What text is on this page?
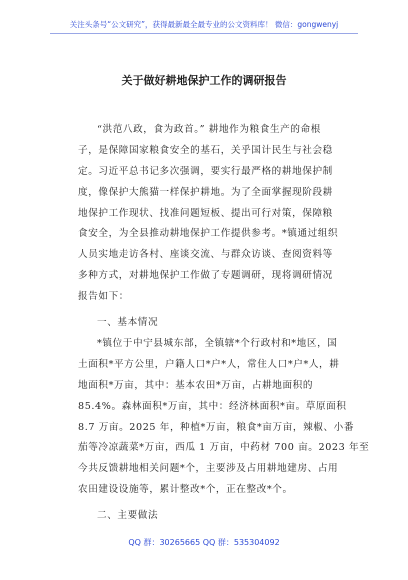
关注头条号“公文研究”，获得最新最全最专业的公文资料库！ 微信：gongwenyj
关于做好耕地保护工作的调研报告
“洪范八政，食为政首。” 耕地作为粮食生产的命根
子，是保障国家粮食安全的基石，关乎国计民生与社会稳
定。习近平总书记多次强调，要实行最严格的耕地保护制
度，像保护大熊猫一样保护耕地。为了全面掌握现阶段耕
地保护工作现状、找准问题短板、提出可行对策，保障粮
食安全，为全县推动耕地保护工作提供参考。*镇通过组织
人员实地走访各村、座谈交流、与群众访谈、查阅资料等
多种方式，对耕地保护工作做了专题调研，现将调研情况
报告如下：
一、基本情况
*镇位于中宁县城东部，全镇辖*个行政村和*地区，国
土面积*平方公里，户籍人口*户*人，常住人口*户*人，耕
地面积*万亩，其中：基本农田*万亩，占耕地面积的
85.4%。森林面积*万亩，其中：经济林面积*亩。草原面积
8.7 万亩。2025 年，种植*万亩，粮食*亩万亩，辣椒、小番
茄等冷凉蔬菜*万亩，西瓜 1 万亩，中药材 700 亩。2023 年至
今共反馈耕地相关问题*个，主要涉及占用耕地建房、占用
农田建设设施等，累计整改*个，正在整改*个。
二、主要做法
QQ 群：30265665 QQ 群：535304092
